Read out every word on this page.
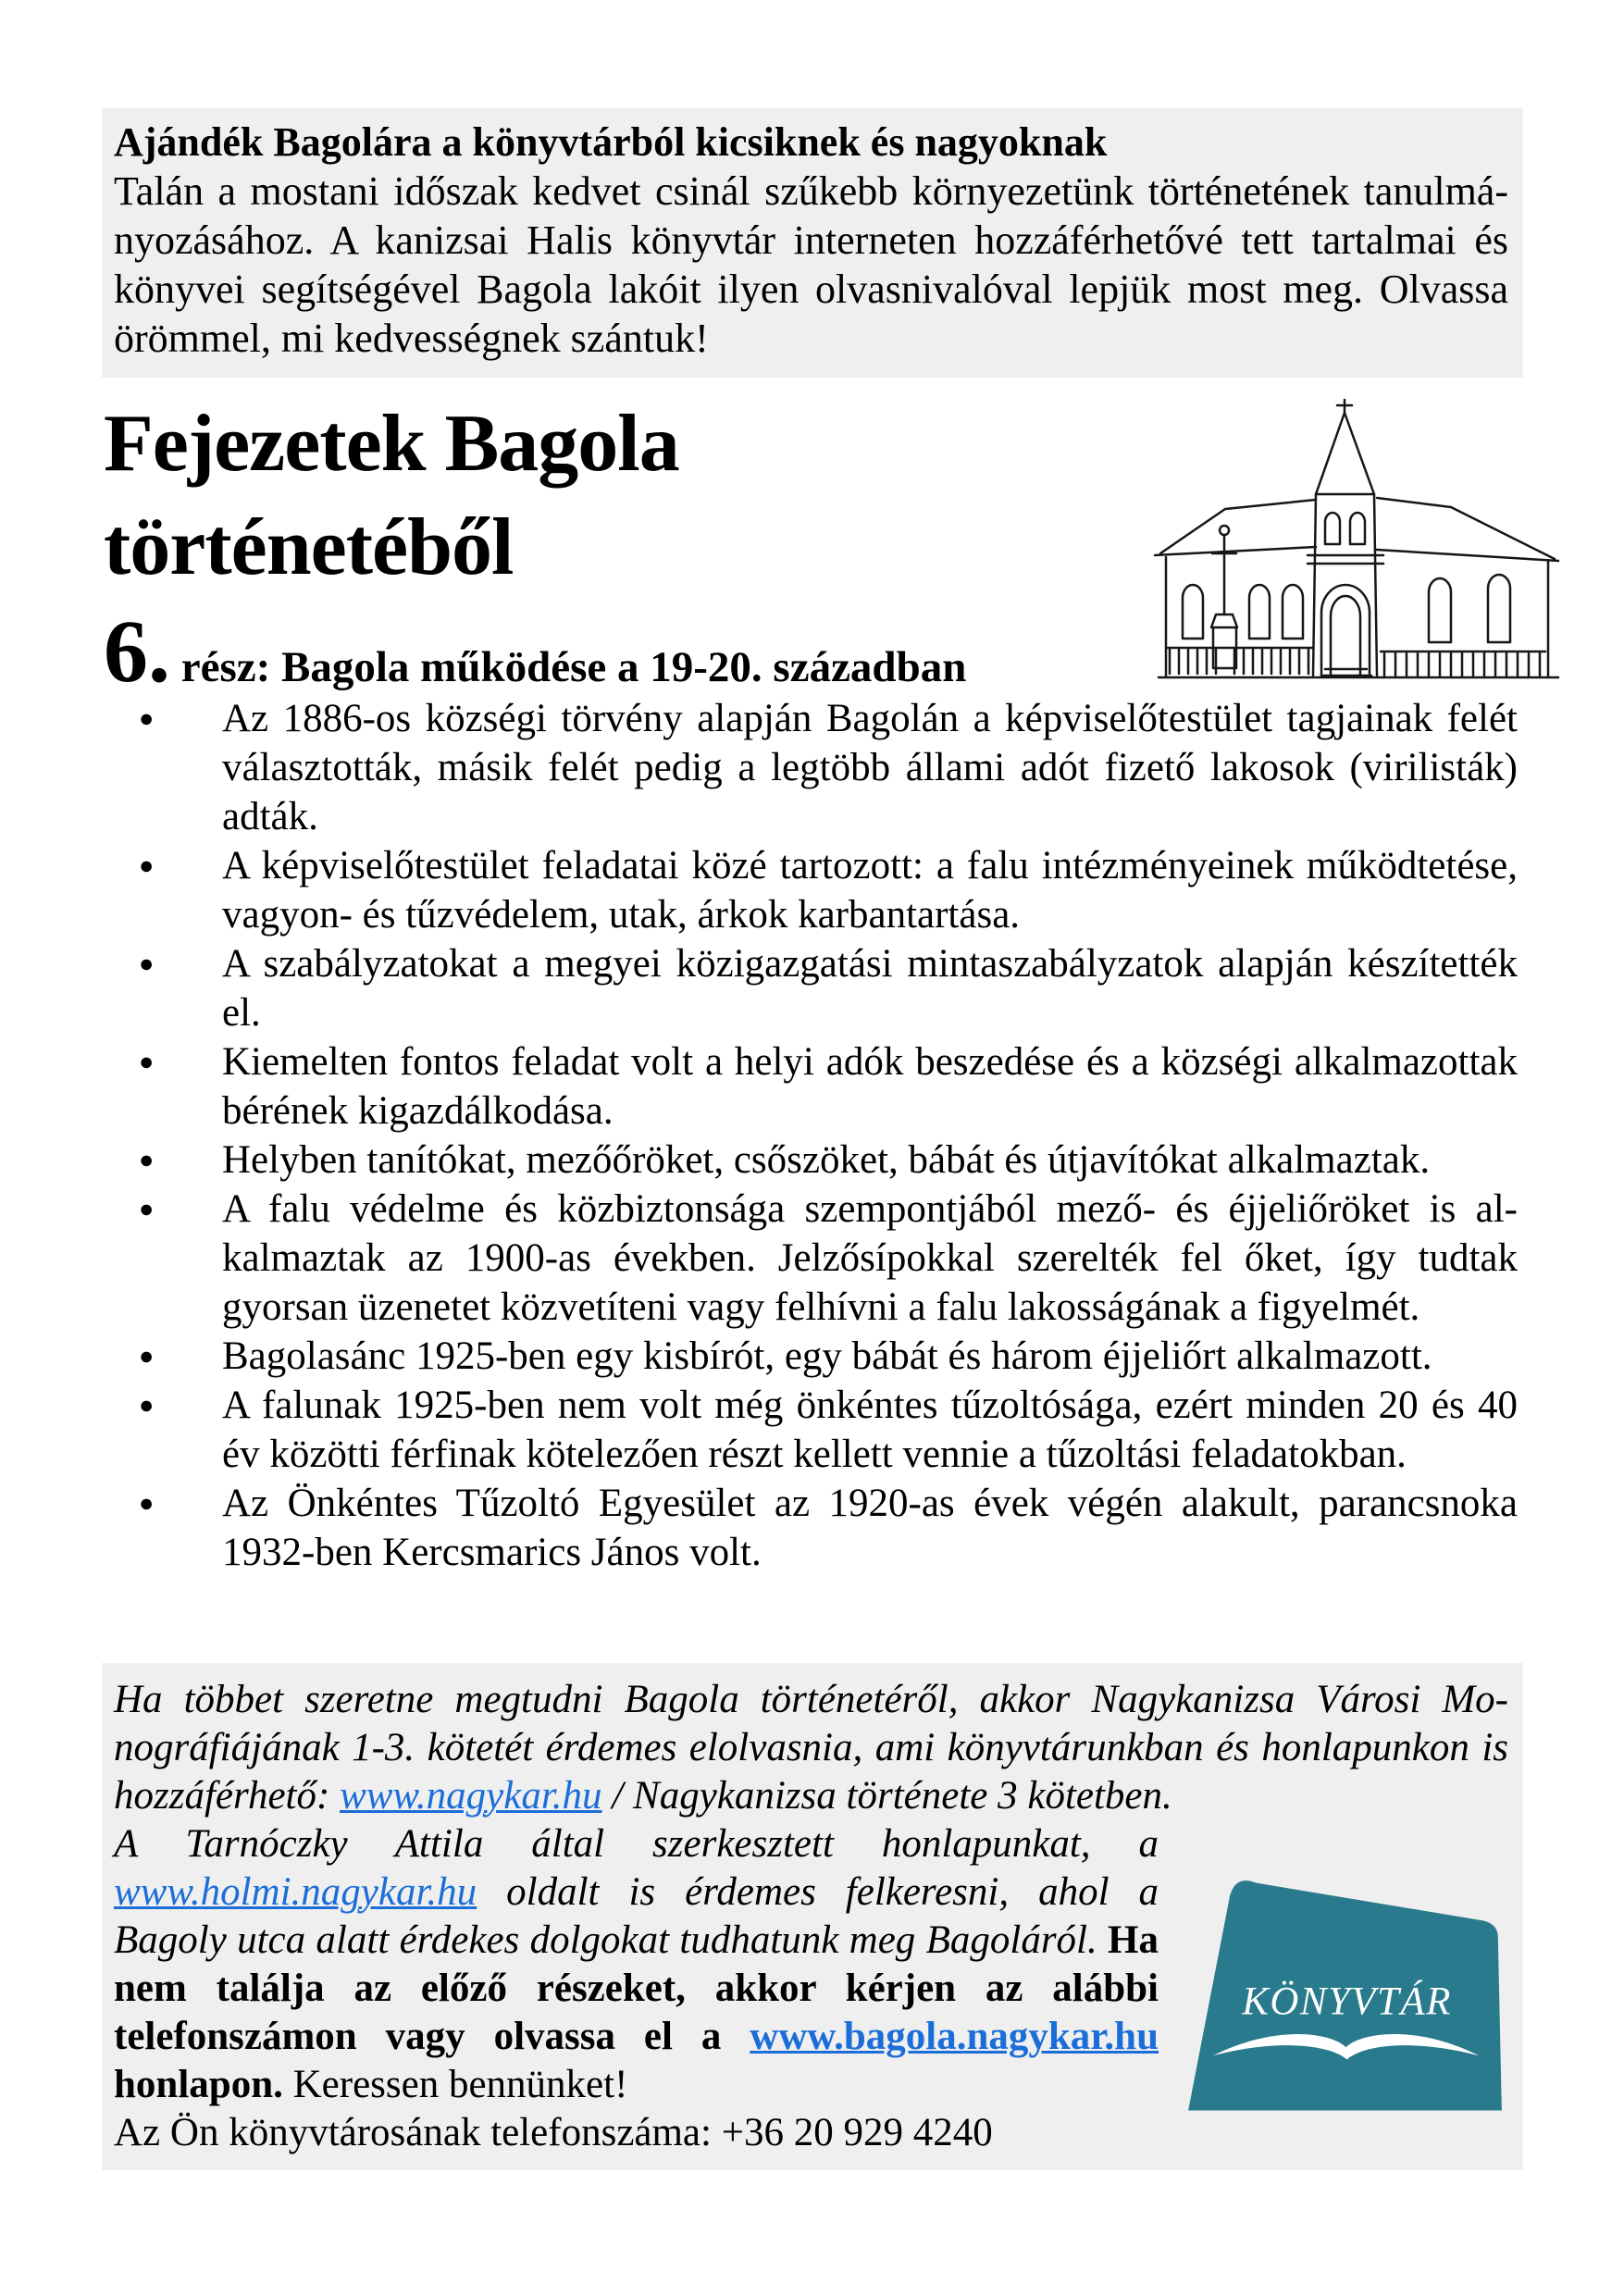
Ajándék Bagolára a könyvtárból kicsiknek és nagyoknak
Talán a mostani időszak kedvet csinál szűkebb környezetünk történetének tanulmányozásához. A kanizsai Halis könyvtár interneten hozzáférhetővé tett tartalmai és könyvei segítségével Bagola lakóit ilyen olvasnivalóval lepjük most meg. Olvassa örömmel, mi kedvességnek szántuk!
Fejezetek Bagola
történetéből
6. rész: Bagola működése a 19-20. században
●	Az 1886-os községi törvény alapján Bagolán a képviselőtestület tagjainak felét választották, másik felét pedig a legtöbb állami adót fizető lakosok (virilisták) adták.
●	A képviselőtestület feladatai közé tartozott: a falu intézményeinek működtetése, vagyon- és tűzvédelem, utak, árkok karbantartása.
●	A szabályzatokat a megyei közigazgatási mintaszabályzatok alapján készítették el.
●	Kiemelten fontos feladat volt a helyi adók beszedése és a községi alkalmazottak bérének kigazdálkodása.
●	Helyben tanítókat, mezőőröket, csőszöket, bábát és útjavítókat alkalmaztak.
●	A falu védelme és közbiztonsága szempontjából mező- és éjjeliőröket is alkalmaztak az 1900-as években. Jelzősípokkal szerelték fel őket, így tudtak gyorsan üzenetet közvetíteni vagy felhívni a falu lakosságának a figyelmét.
●	Bagolasánc 1925-ben egy kisbírót, egy bábát és három éjjeliőrt alkalmazott.
●	A falunak 1925-ben nem volt még önkéntes tűzoltósága, ezért minden 20 és 40 év közötti férfinak kötelezően részt kellett vennie a tűzoltási feladatokban.
●	Az Önkéntes Tűzoltó Egyesület az 1920-as évek végén alakult, parancsnoka 1932-ben Kercsmarics János volt.

Ha többet szeretne megtudni Bagola történetéről, akkor Nagykanizsa Városi Monográfiájának 1-3. kötetét érdemes elolvasnia, ami könyvtárunkban és honlapunkon is hozzáférhető: www.nagykar.hu / Nagykanizsa története 3 kötetben.

KÖNYVTÁR
A Tarnóczky Attila által szerkesztett honlapunkat, a www.holmi.nagykar.hu oldalt is érdemes felkeresni, ahol a Bagoly utca alatt érdekes dolgokat tudhatunk meg Bagoláról. Ha nem találja az előző részeket, akkor kérjen az alábbi telefonszámon vagy olvassa el a www.bagola.nagykar.hu honlapon. Keressen bennünket!

Az Ön könyvtárosának telefonszáma: +36 20 929 4240
